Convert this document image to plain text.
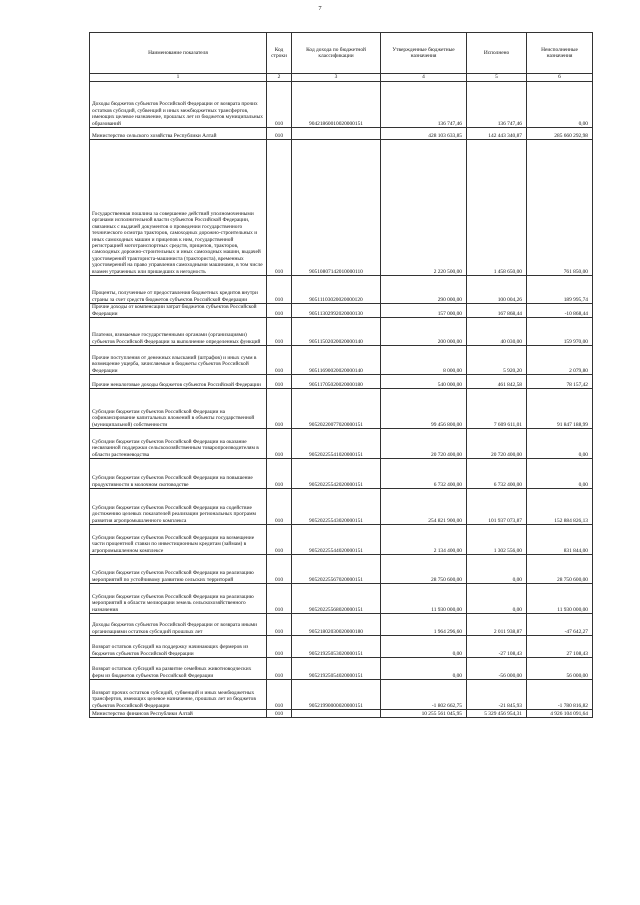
7
Наименование показателя	Код строки	Код дохода по бюджетной классификации	Утвержденные бюджетные назначения	Исполнено	Неисполненные назначения
1	2	3	4	5	6
Доходы бюджетов субъектов Российской Федерации от возврата прочих остатков субсидий, субвенций и иных межбюджетных трансфертов, имеющих целевое назначение, прошлых лет из бюджетов муниципальных образований	010	90421860010020000151	136 747,46	136 747,46	0,00
Министерство сельского хозяйства Республики Алтай	010		428 103 633,85	142 443 340,87	285 660 292,98
Государственная пошлина за совершение действий уполномоченными органами исполнительной власти субъектов Российской Федерации, связанных с выдачей документов о проведении государственного технического осмотра тракторов, самоходных дорожно-строительных и иных самоходных машин и прицепов к ним, государственной регистрацией мототранспортных средств, прицепов, тракторов, самоходных дорожно-строительных и иных самоходных машин, выдачей удостоверений тракториста-машиниста (тракториста), временных удостоверений на право управления самоходными машинами, в том числе взамен утраченных или пришедших в негодность	010	90510807142010000110	2 220 500,00	1 458 650,00	761 850,00
Проценты, полученные от предоставления бюджетных кредитов внутри страны за счет средств бюджетов субъектов Российской Федерации	010	90511103020020000120	290 000,00	100 004,26	189 995,74
Прочие доходы от компенсации затрат бюджетов субъектов Российской Федерации	010	90511302992020000130	157 000,00	167 868,44	-10 868,44
Платежи, взимаемые государственными органами (организациями) субъектов Российской Федерации за выполнение определенных функций	010	90511502020020000140	200 000,00	40 030,00	159 970,00
Прочие поступления от денежных взысканий (штрафов) и иных сумм в возмещение ущерба, зачисляемые в бюджеты субъектов Российской Федерации	010	90511690020020000140	8 000,00	5 920,20	2 079,80
Прочие неналоговые доходы бюджетов субъектов Российской Федерации	010	90511705020020000180	540 000,00	461 842,58	78 157,42
Субсидии бюджетам субъектов Российской Федерации на софинансирование капитальных вложений в объекты государственной (муниципальной) собственности	010	90520220077020000151	99 456 800,00	7 609 611,01	91 847 188,99
Субсидии бюджетам субъектов Российской Федерации на оказание несвязанной поддержки сельскохозяйственным товаропроизводителям в области растениеводства	010	90520225541020000151	20 720 400,00	20 720 400,00	0,00
Субсидии бюджетам субъектов Российской Федерации на повышение продуктивности в молочном скотоводстве	010	90520225542020000151	6 732 400,00	6 732 400,00	0,00
Субсидии бюджетам субъектов Российской Федерации на содействие достижению целевых показателей реализации региональных программ развития агропромышленного комплекса	010	90520225543020000151	254 821 900,00	101 937 073,87	152 884 826,13
Субсидии бюджетам субъектов Российской Федерации на возмещение части процентной ставки по инвестиционным кредитам (займам) в агропромышленном комплексе	010	90520225544020000151	2 134 400,00	1 302 556,00	831 844,00
Субсидии бюджетам субъектов Российской Федерации на реализацию мероприятий по устойчивому развитию сельских территорий	010	90520225567020000151	28 750 600,00	0,00	28 750 600,00
Субсидии бюджетам субъектов Российской Федерации на реализацию мероприятий в области мелиорации земель сельскохозяйственного назначения	010	90520225568020000151	11 930 000,00	0,00	11 930 000,00
Доходы бюджетов субъектов Российской Федерации от возврата иными организациями остатков субсидий прошлых лет	010	90521802030020000180	1 964 296,60	2 011 938,87	-47 642,27
Возврат остатков субсидий на поддержку начинающих фермеров из бюджетов субъектов Российской Федерации	010	90521925053020000151	0,00	-27 108,43	27 108,43
Возврат остатков субсидий на развитие семейных животноводческих ферм из бюджетов субъектов Российской Федерации	010	90521925054020000151	0,00	-56 000,00	56 000,00
Возврат прочих остатков субсидий, субвенций и иных межбюджетных трансфертов, имеющих целевое назначение, прошлых лет из бюджетов субъектов Российской Федерации	010	90521990000020000151	-1 802 662,75	-21 845,93	-1 780 816,82
Министерство финансов Республики Алтай	010		10 255 561 045,95	5 329 456 954,31	4 926 104 091,64
